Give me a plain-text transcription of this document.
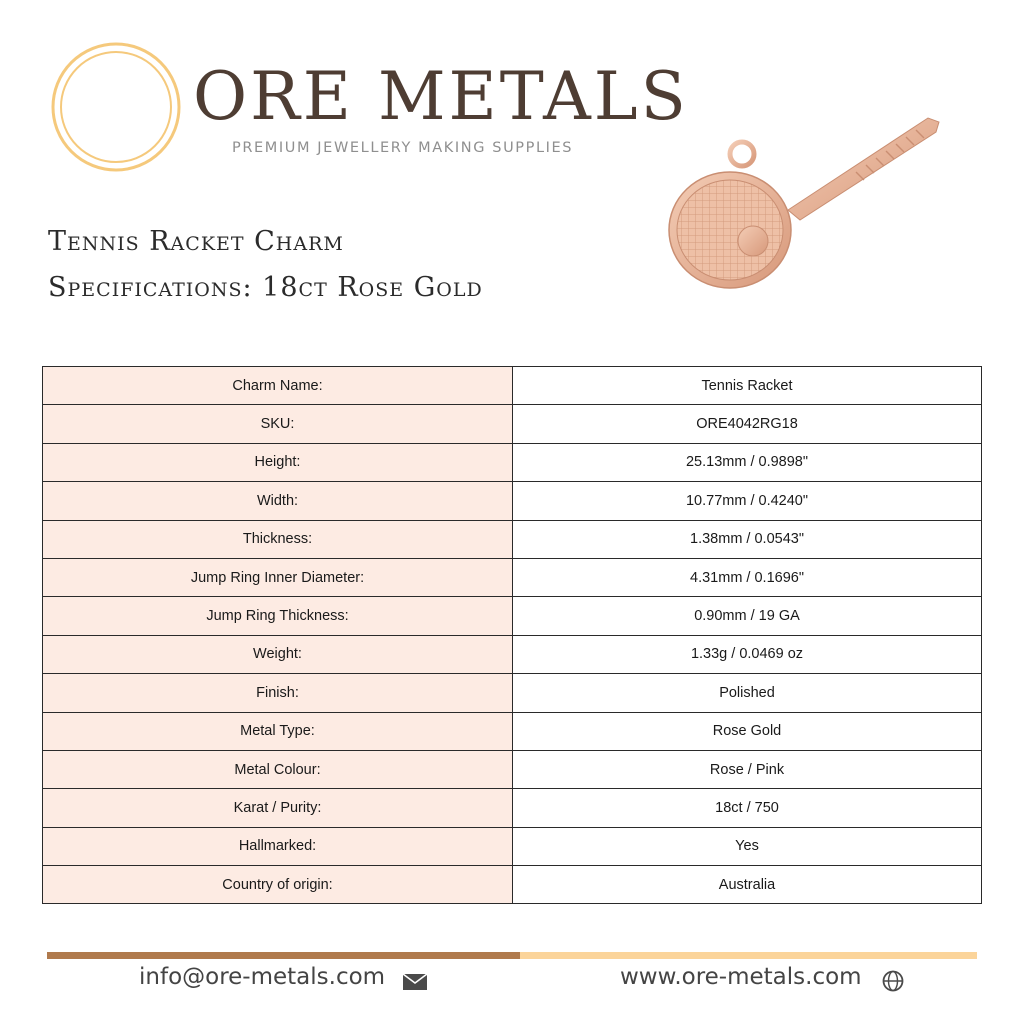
ORE METALS
PREMIUM JEWELLERY MAKING SUPPLIES
Tennis Racket Charm
Specifications: 18ct Rose Gold
Charm Name:	Tennis Racket
SKU:	ORE4042RG18
Height:	25.13mm / 0.9898"
Width:	10.77mm / 0.4240"
Thickness:	1.38mm / 0.0543"
Jump Ring Inner Diameter:	4.31mm / 0.1696"
Jump Ring Thickness:	0.90mm / 19 GA
Weight:	1.33g / 0.0469 oz
Finish:	Polished
Metal Type:	Rose Gold
Metal Colour:	Rose / Pink
Karat / Purity:	18ct / 750
Hallmarked:	Yes
Country of origin:	Australia
info@ore-metals.com	www.ore-metals.com
